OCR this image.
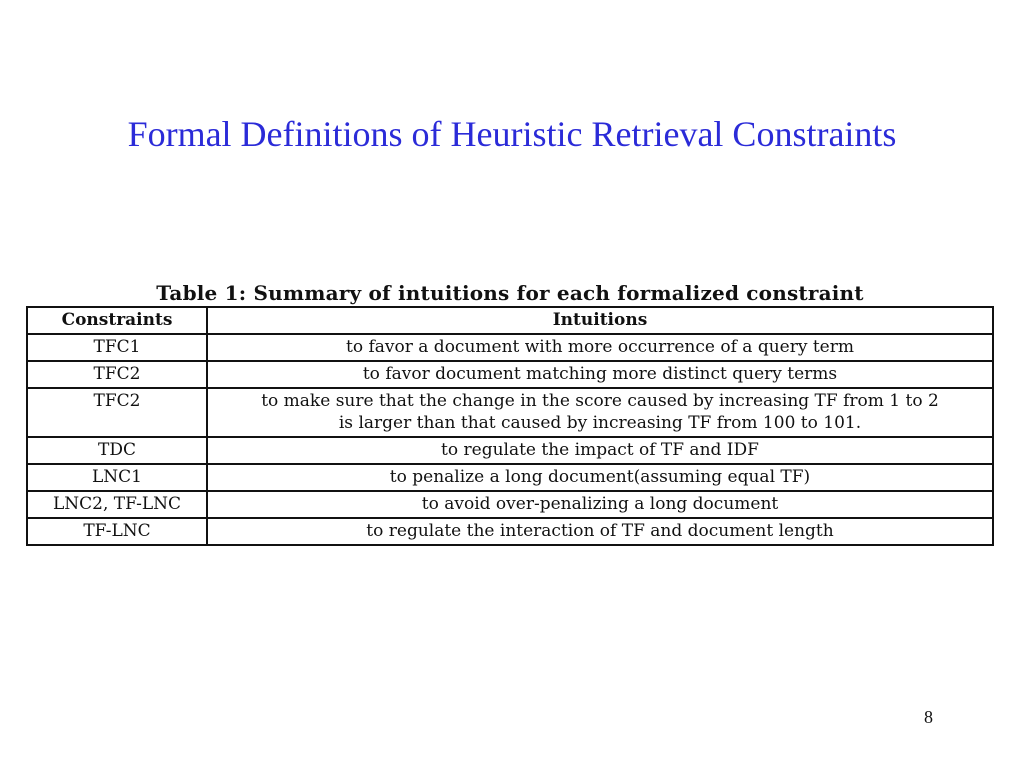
Formal Definitions of Heuristic Retrieval Constraints
Table 1: Summary of intuitions for each formalized constraint
Constraints	Intuitions
TFC1	to favor a document with more occurrence of a query term
TFC2	to favor document matching more distinct query terms
TFC2	to make sure that the change in the score caused by increasing TF from 1 to 2
is larger than that caused by increasing TF from 100 to 101.

TDC	to regulate the impact of TF and IDF
LNC1	to penalize a long document(assuming equal TF)
LNC2, TF-LNC	to avoid over-penalizing a long document
TF-LNC	to regulate the interaction of TF and document length
8
